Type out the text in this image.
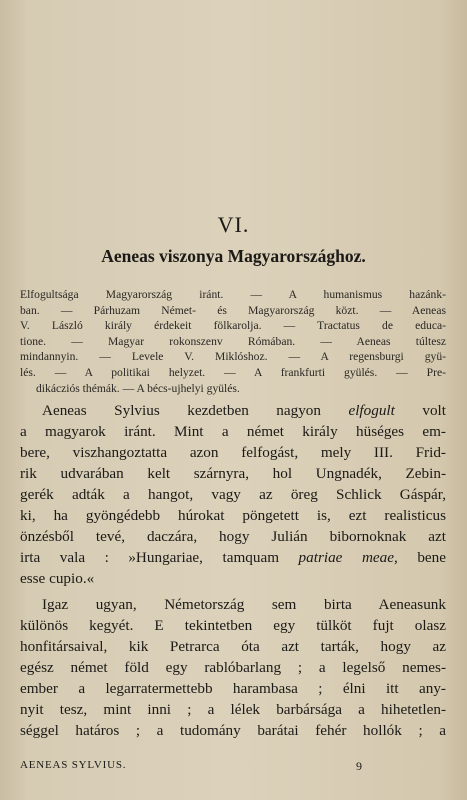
VI.
Aeneas viszonya Magyarországhoz.
Elfogultsága Magyarország iránt. — A humanismus hazánk-
ban. — Párhuzam Német- és Magyarország közt. — Aeneas
V. László király érdekeit fölkarolja. — Tractatus de educa-
tione. — Magyar rokonszenv Rómában. — Aeneas túltesz
mindannyin. — Levele V. Miklóshoz. — A regensburgi gyü-
lés. — A politikai helyzet. — A frankfurti gyülés. — Pre-
dikácziós thémák. — A bécs-ujhelyi gyülés.
Aeneas Sylvius kezdetben nagyon elfogult volt
a magyarok iránt. Mint a német király hüséges em-
bere, viszhangoztatta azon felfogást, mely III. Frid-
rik udvarában kelt szárnyra, hol Ungnadék, Zebin-
gerék adták a hangot, vagy az öreg Schlick Gáspár,
ki, ha gyöngédebb húrokat pöngetett is, ezt realisticus
önzésből tevé, daczára, hogy Julián bibornoknak azt
irta vala : »Hungariae, tamquam patriae meae, bene
esse cupio.«
Igaz ugyan, Németország sem birta Aeneasunk
különös kegyét. E tekintetben egy tülköt fujt olasz
honfitársaival, kik Petrarca óta azt tarták, hogy az
egész német föld egy rablóbarlang ; a legelső nemes-
ember a legarratermettebb harambasa ; élni itt any-
nyit tesz, mint inni ; a lélek barbársága a hihetetlen-
séggel határos ; a tudomány barátai fehér hollók ; a
AENEAS SYLVIUS.	9
